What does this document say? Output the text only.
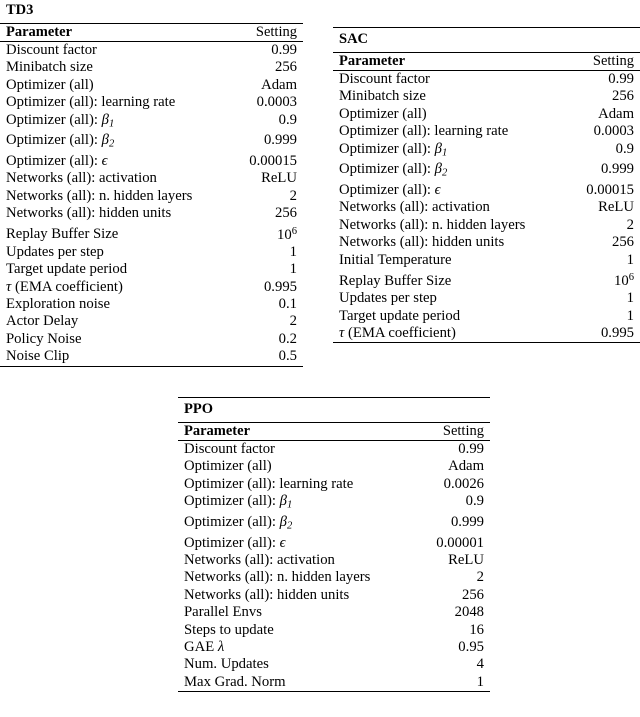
TD3
Parameter	Setting
Discount factor	0.99
Minibatch size	256
Optimizer (all)	Adam
Optimizer (all): learning rate	0.0003
Optimizer (all): $\beta_1$	0.9
Optimizer (all): $\beta_2$	0.999
Optimizer (all): ϵ	0.00015
Networks (all): activation	ReLU
Networks (all): n. hidden layers	2
Networks (all): hidden units	256
Replay Buffer Size	$10^6$
Updates per step	1
Target update period	1
τ (EMA coefficient)	0.995
Exploration noise	0.1
Actor Delay	2
Policy Noise	0.2
Noise Clip	0.5
SAC
Parameter	Setting
Discount factor	0.99
Minibatch size	256
Optimizer (all)	Adam
Optimizer (all): learning rate	0.0003
Optimizer (all): $\beta_1$	0.9
Optimizer (all): $\beta_2$	0.999
Optimizer (all): ϵ	0.00015
Networks (all): activation	ReLU
Networks (all): n. hidden layers	2
Networks (all): hidden units	256
Initial Temperature	1
Replay Buffer Size	$10^6$
Updates per step	1
Target update period	1
τ (EMA coefficient)	0.995
PPO
Parameter	Setting
Discount factor	0.99
Optimizer (all)	Adam
Optimizer (all): learning rate	0.0026
Optimizer (all): $\beta_1$	0.9
Optimizer (all): $\beta_2$	0.999
Optimizer (all): ϵ	0.00001
Networks (all): activation	ReLU
Networks (all): n. hidden layers	2
Networks (all): hidden units	256
Parallel Envs	2048
Steps to update	16
GAE λ	0.95
Num. Updates	4
Max Grad. Norm	1
